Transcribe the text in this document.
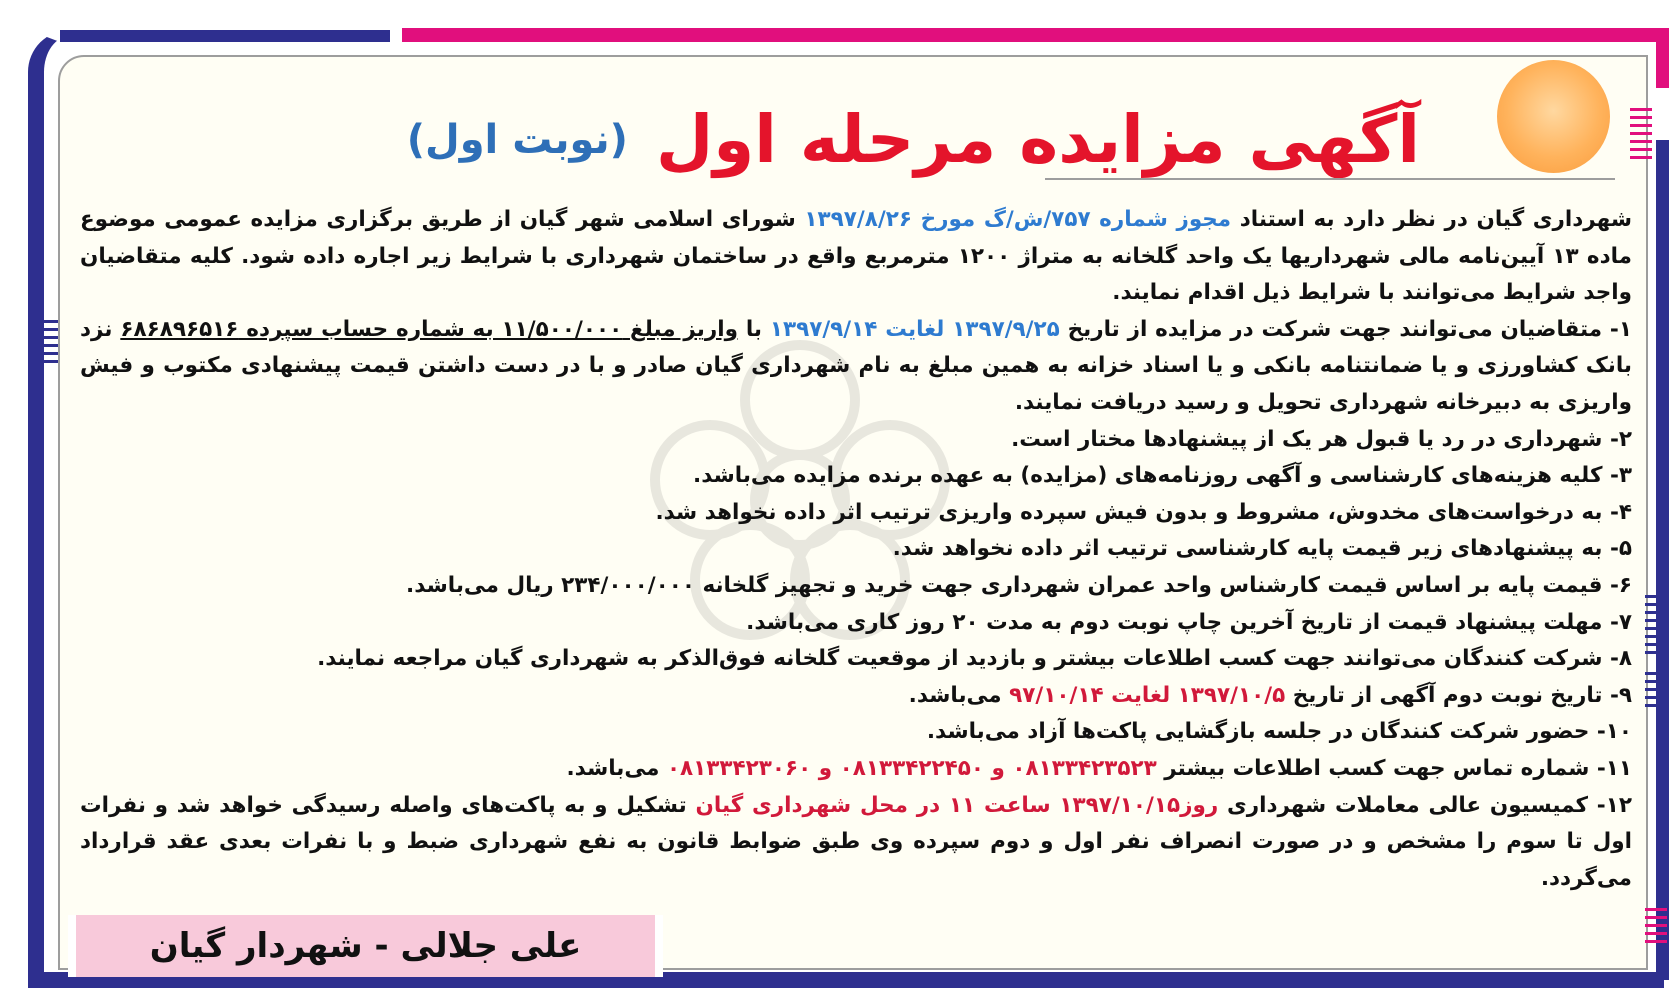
آگهی مزایده مرحله اول
(نوبت اول)

شهرداری گیان در نظر دارد به استناد مجوز شماره ۷۵۷/ش/گ مورخ ۱۳۹۷/۸/۲۶ شورای اسلامی شهر گیان از طریق برگزاری مزایده عمومی موضوع ماده ۱۳ آیین‌نامه مالی شهرداریها یک واحد گلخانه به متراژ ۱۲۰۰ مترمربع واقع در ساختمان شهرداری با شرایط زیر اجاره داده شود. کلیه متقاضیان واجد شرایط می‌توانند با شرایط ذیل اقدام نمایند.

۱- متقاضیان می‌توانند جهت شرکت در مزایده از تاریخ ۱۳۹۷/۹/۲۵ لغایت ۱۳۹۷/۹/۱۴ با واریز مبلغ ۱۱/۵۰۰/۰۰۰ به شماره حساب سپرده ۶۸۶۸۹۶۵۱۶ نزد بانک کشاورزی و یا ضمانتنامه بانکی و یا اسناد خزانه به همین مبلغ به نام شهرداری گیان صادر و با در دست داشتن قیمت پیشنهادی مکتوب و فیش واریزی به دبیرخانه شهرداری تحویل و رسید دریافت نمایند.

۲- شهرداری در رد یا قبول هر یک از پیشنهادها مختار است.

۳- کلیه هزینه‌های کارشناسی و آگهی روزنامه‌های (مزایده) به عهده برنده مزایده می‌باشد.

۴- به درخواست‌های مخدوش، مشروط و بدون فیش سپرده واریزی ترتیب اثر داده نخواهد شد.

۵- به پیشنهادهای زیر قیمت پایه کارشناسی ترتیب اثر داده نخواهد شد.

۶- قیمت پایه بر اساس قیمت کارشناس واحد عمران شهرداری جهت خرید و تجهیز گلخانه ۲۳۴/۰۰۰/۰۰۰ ریال می‌باشد.

۷- مهلت پیشنهاد قیمت از تاریخ آخرین چاپ نوبت دوم به مدت ۲۰ روز کاری می‌باشد.

۸- شرکت کنندگان می‌توانند جهت کسب اطلاعات بیشتر و بازدید از موقعیت گلخانه فوق‌الذکر به شهرداری گیان مراجعه نمایند.

۹- تاریخ نوبت دوم آگهی از تاریخ ۱۳۹۷/۱۰/۵ لغایت ۹۷/۱۰/۱۴ می‌باشد.

۱۰- حضور شرکت کنندگان در جلسه بازگشایی پاکت‌ها آزاد می‌باشد.

۱۱- شماره تماس جهت کسب اطلاعات بیشتر ۰۸۱۳۳۴۲۳۵۲۳ و ۰۸۱۳۳۴۲۲۴۵۰ و ۰۸۱۳۳۴۲۳۰۶۰ می‌باشد.

۱۲- کمیسیون عالی معاملات شهرداری روز۱۳۹۷/۱۰/۱۵ ساعت ۱۱ در محل شهرداری گیان تشکیل و به پاکت‌های واصله رسیدگی خواهد شد و نفرات اول تا سوم را مشخص و در صورت انصراف نفر اول و دوم سپرده وی طبق ضوابط قانون به نفع شهرداری ضبط و با نفرات بعدی عقد قرارداد می‌گردد.

علی جلالی - شهردار گیان
